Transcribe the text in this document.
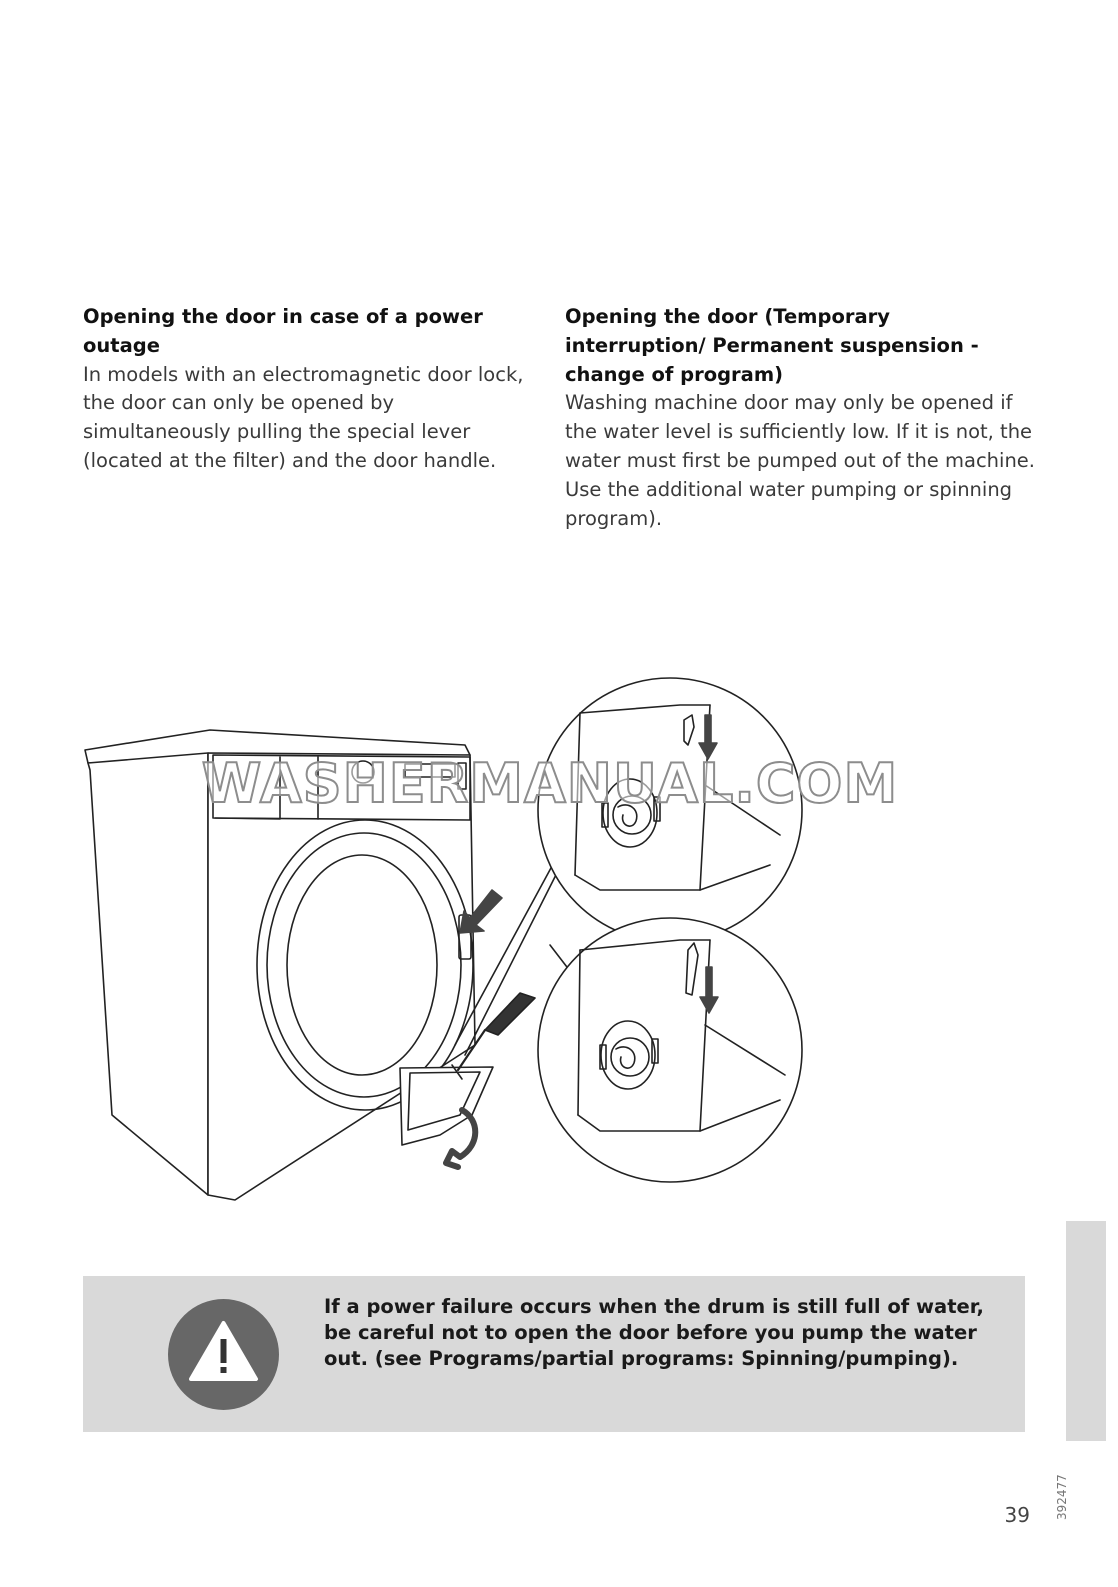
Opening the door in case of a power outage

In models with an electromagnetic door lock, the door can only be opened by simultaneously pulling the special lever (located at the filter) and the door handle.

Opening the door (Temporary interruption/ Permanent suspension - change of program)

Washing machine door may only be opened if the water level is sufficiently low. If it is not, the water must first be pumped out of the machine. Use the additional water pumping or spinning program).

WASHERMANUAL.COM
If a power failure occurs when the drum is still full of water, be careful not to open the door before you pump the water out. (see Programs/partial programs: Spinning/pumping).
392477
39
